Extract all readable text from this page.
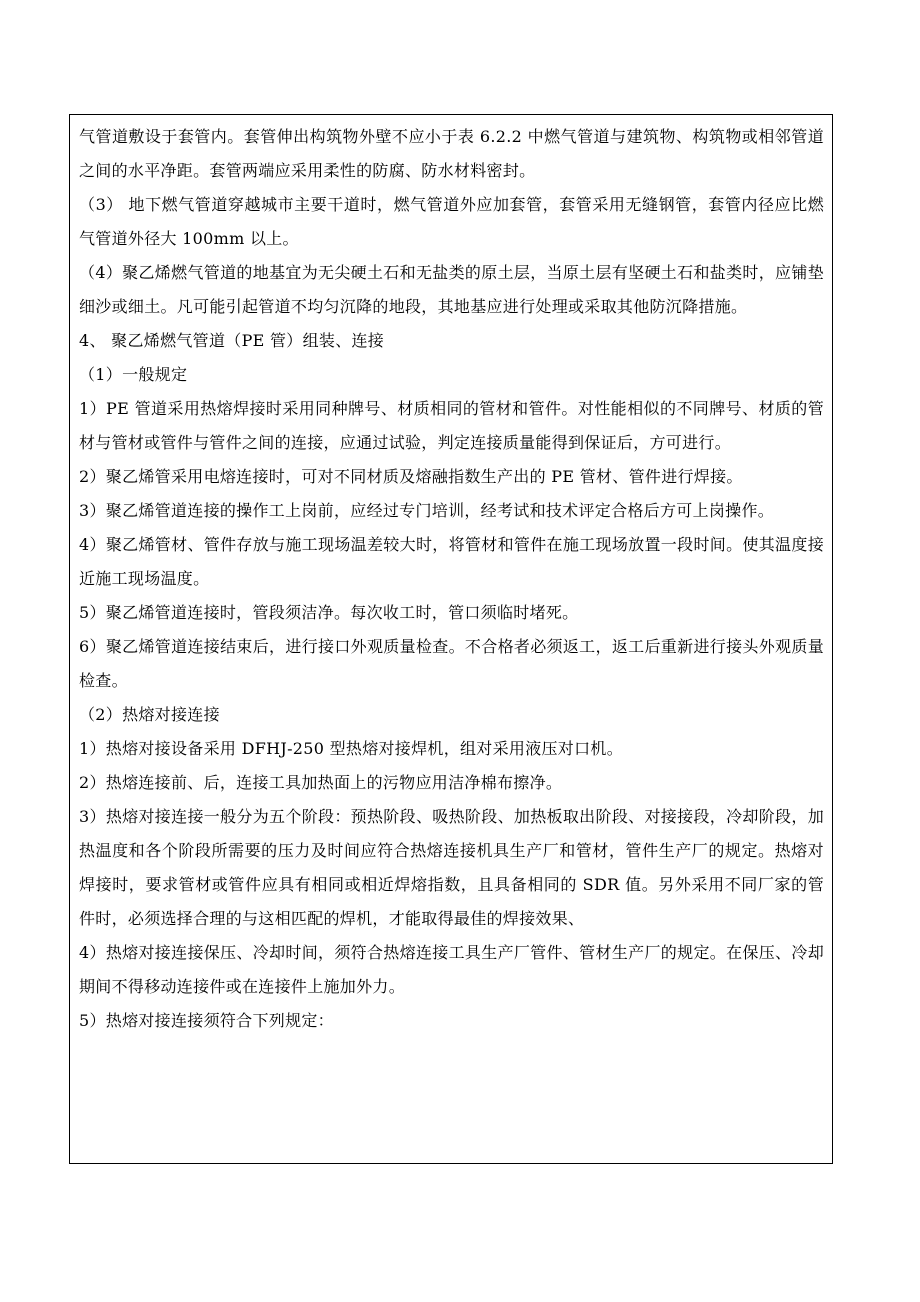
气管道敷设于套管内。套管伸出构筑物外壁不应小于表 6.2.2 中燃气管道与建筑物、构筑物或相邻管道之间的水平净距。套管两端应采用柔性的防腐、防水材料密封。

（3） 地下燃气管道穿越城市主要干道时，燃气管道外应加套管，套管采用无缝钢管，套管内径应比燃气管道外径大 100mm 以上。

（4）聚乙烯燃气管道的地基宜为无尖硬土石和无盐类的原土层，当原土层有坚硬土石和盐类时，应铺垫细沙或细土。凡可能引起管道不均匀沉降的地段，其地基应进行处理或采取其他防沉降措施。

4、 聚乙烯燃气管道（PE 管）组装、连接

（1）一般规定

1）PE 管道采用热熔焊接时采用同种牌号、材质相同的管材和管件。对性能相似的不同牌号、材质的管材与管材或管件与管件之间的连接，应通过试验，判定连接质量能得到保证后，方可进行。

2）聚乙烯管采用电熔连接时，可对不同材质及熔融指数生产出的 PE 管材、管件进行焊接。

3）聚乙烯管道连接的操作工上岗前，应经过专门培训，经考试和技术评定合格后方可上岗操作。

4）聚乙烯管材、管件存放与施工现场温差较大时，将管材和管件在施工现场放置一段时间。使其温度接近施工现场温度。

5）聚乙烯管道连接时，管段须洁净。每次收工时，管口须临时堵死。

6）聚乙烯管道连接结束后，进行接口外观质量检查。不合格者必须返工，返工后重新进行接头外观质量检查。

（2）热熔对接连接

1）热熔对接设备采用 DFHJ-250 型热熔对接焊机，组对采用液压对口机。

2）热熔连接前、后，连接工具加热面上的污物应用洁净棉布擦净。

3）热熔对接连接一般分为五个阶段：预热阶段、吸热阶段、加热板取出阶段、对接接段，冷却阶段，加热温度和各个阶段所需要的压力及时间应符合热熔连接机具生产厂和管材，管件生产厂的规定。热熔对焊接时，要求管材或管件应具有相同或相近焊熔指数，且具备相同的 SDR 值。另外采用不同厂家的管件时，必须选择合理的与这相匹配的焊机，才能取得最佳的焊接效果、

4）热熔对接连接保压、冷却时间，须符合热熔连接工具生产厂管件、管材生产厂的规定。在保压、冷却期间不得移动连接件或在连接件上施加外力。

5）热熔对接连接须符合下列规定：
